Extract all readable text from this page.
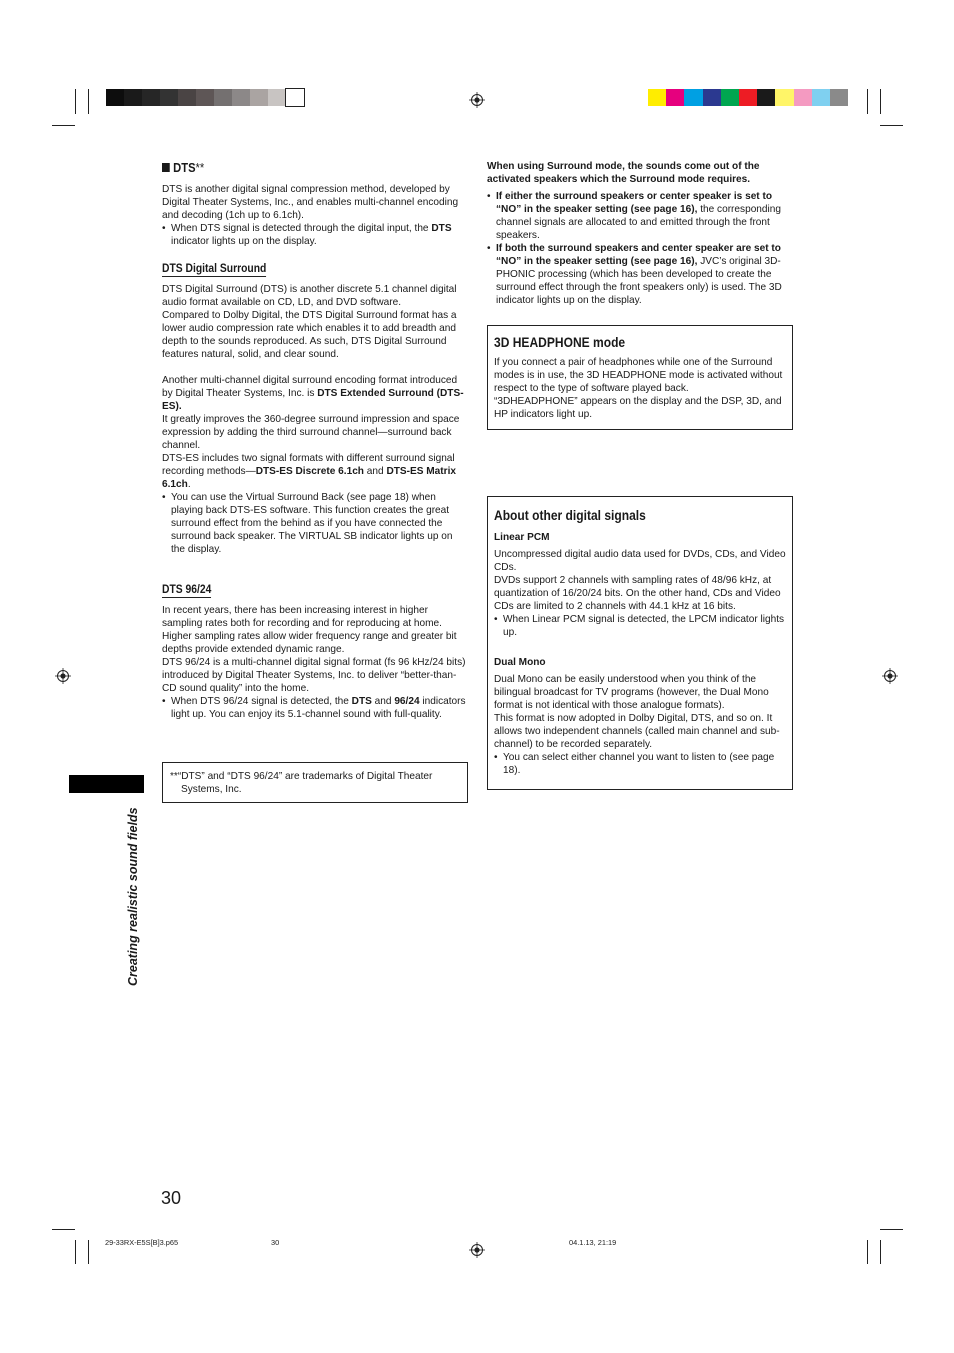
DTS**

DTS is another digital signal compression method, developed by Digital Theater Systems, Inc., and enables multi-channel encoding and decoding (1ch up to 6.1ch).

• When DTS signal is detected through the digital input, the DTS indicator lights up on the display.

DTS Digital Surround

DTS Digital Surround (DTS) is another discrete 5.1 channel digital audio format available on CD, LD, and DVD software.

Compared to Dolby Digital, the DTS Digital Surround format has a lower audio compression rate which enables it to add breadth and depth to the sounds reproduced. As such, DTS Digital Surround features natural, solid, and clear sound.

Another multi-channel digital surround encoding format introduced by Digital Theater Systems, Inc. is DTS Extended Surround (DTS-ES).

It greatly improves the 360-degree surround impression and space expression by adding the third surround channel—surround back channel.

DTS-ES includes two signal formats with different surround signal recording methods—DTS-ES Discrete 6.1ch and DTS-ES Matrix 6.1ch.

• You can use the Virtual Surround Back (see page 18) when playing back DTS-ES software. This function creates the great surround effect from the behind as if you have connected the surround back speaker. The VIRTUAL SB indicator lights up on the display.

DTS 96/24

In recent years, there has been increasing interest in higher sampling rates both for recording and for reproducing at home. Higher sampling rates allow wider frequency range and greater bit depths provide extended dynamic range.

DTS 96/24 is a multi-channel digital signal format (fs 96 kHz/24 bits) introduced by Digital Theater Systems, Inc. to deliver “better-than-CD sound quality” into the home.

• When DTS 96/24 signal is detected, the DTS and 96/24 indicators light up. You can enjoy its 5.1-channel sound with full-quality.

**“DTS” and “DTS 96/24” are trademarks of Digital Theater Systems, Inc.

Creating realistic sound fields

When using Surround mode, the sounds come out of the activated speakers which the Surround mode requires.

• If either the surround speakers or center speaker is set to “NO” in the speaker setting (see page 16), the corresponding channel signals are allocated to and emitted through the front speakers.

• If both the surround speakers and center speaker are set to “NO” in the speaker setting (see page 16), JVC’s original 3D-PHONIC processing (which has been developed to create the surround effect through the front speakers only) is used. The 3D indicator lights up on the display.

3D HEADPHONE mode

If you connect a pair of headphones while one of the Surround modes is in use, the 3D HEADPHONE mode is activated without respect to the type of software played back.

“3DHEADPHONE” appears on the display and the DSP, 3D, and HP indicators light up.

About other digital signals

Linear PCM

Uncompressed digital audio data used for DVDs, CDs, and Video CDs.

DVDs support 2 channels with sampling rates of 48/96 kHz, at quantization of 16/20/24 bits. On the other hand, CDs and Video CDs are limited to 2 channels with 44.1 kHz at 16 bits.

• When Linear PCM signal is detected, the LPCM indicator lights up.

Dual Mono

Dual Mono can be easily understood when you think of the bilingual broadcast for TV programs (however, the Dual Mono format is not identical with those analogue formats).

This format is now adopted in Dolby Digital, DTS, and so on. It allows two independent channels (called main channel and sub-channel) to be recorded separately.

• You can select either channel you want to listen to (see page 18).

30
29-33RX-E5S[B]3.p65	30	04.1.13, 21:19
